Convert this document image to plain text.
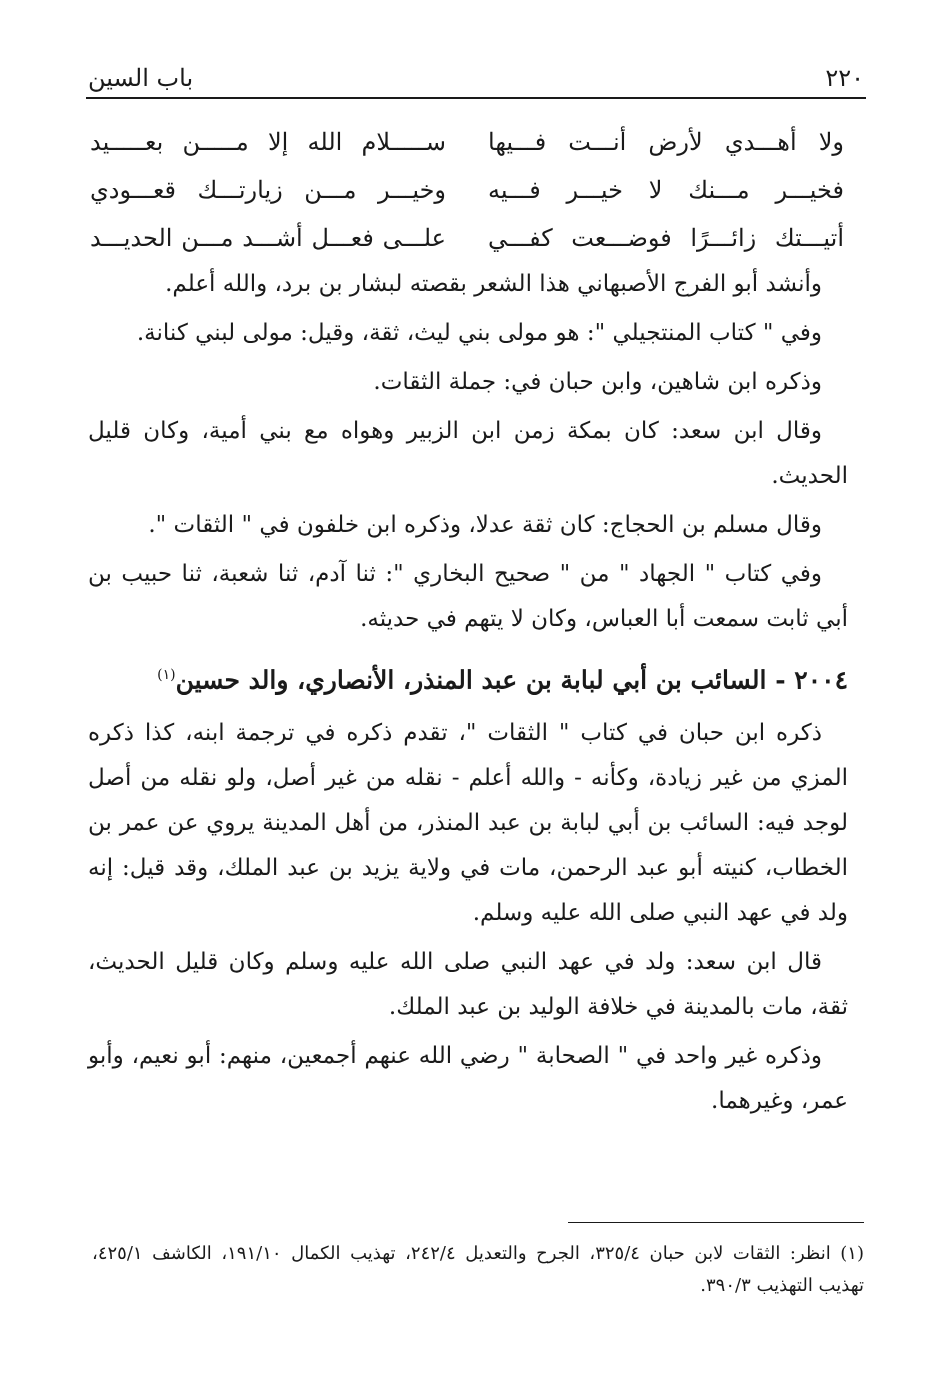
٢٢٠
باب السين
ولا أهـــدي لأرض أنـــت فـــيها
ســـــلام الله إلا مـــــن بعـــــيد
فخيـــر مـــنك لا خيـــر فـــيه
وخيـــر مـــن زيارتـــك قعـــودي
أتيـــتك زائـــرًا فوضـــعت كفـــي
علـــى فعـــل أشـــد مـــن الحديـــد

وأنشد أبو الفرج الأصبهاني هذا الشعر بقصته لبشار بن برد، والله أعلم.

وفي " كتاب المنتجيلي ": هو مولى بني ليث، ثقة، وقيل: مولى لبني كنانة.

وذكره ابن شاهين، وابن حبان في: جملة الثقات.

وقال ابن سعد: كان بمكة زمن ابن الزبير وهواه مع بني أمية، وكان قليل الحديث.

وقال مسلم بن الحجاج: كان ثقة عدلا، وذكره ابن خلفون في " الثقات ".

وفي كتاب " الجهاد " من " صحيح البخاري ": ثنا آدم، ثنا شعبة، ثنا حبيب بن أبي ثابت سمعت أبا العباس، وكان لا يتهم في حديثه.

٢٠٠٤ - السائب بن أبي لبابة بن عبد المنذر، الأنصاري، والد حسين$^{(١)}$

ذكره ابن حبان في كتاب " الثقات "، تقدم ذكره في ترجمة ابنه، كذا ذكره المزي من غير زيادة، وكأنه - والله أعلم - نقله من غير أصل، ولو نقله من أصل لوجد فيه: السائب بن أبي لبابة بن عبد المنذر، من أهل المدينة يروي عن عمر بن الخطاب، كنيته أبو عبد الرحمن، مات في ولاية يزيد بن عبد الملك، وقد قيل: إنه ولد في عهد النبي صلى الله عليه وسلم.

قال ابن سعد: ولد في عهد النبي صلى الله عليه وسلم وكان قليل الحديث، ثقة، مات بالمدينة في خلافة الوليد بن عبد الملك.

وذكره غير واحد في " الصحابة " رضي الله عنهم أجمعين، منهم: أبو نعيم، وأبو عمر، وغيرهما.

(١) انظر: الثقات لابن حبان ٣٢٥/٤، الجرح والتعديل ٢٤٢/٤، تهذيب الكمال ١٩١/١٠، الكاشف ٤٢٥/١، تهذيب التهذيب ٣٩٠/٣.
